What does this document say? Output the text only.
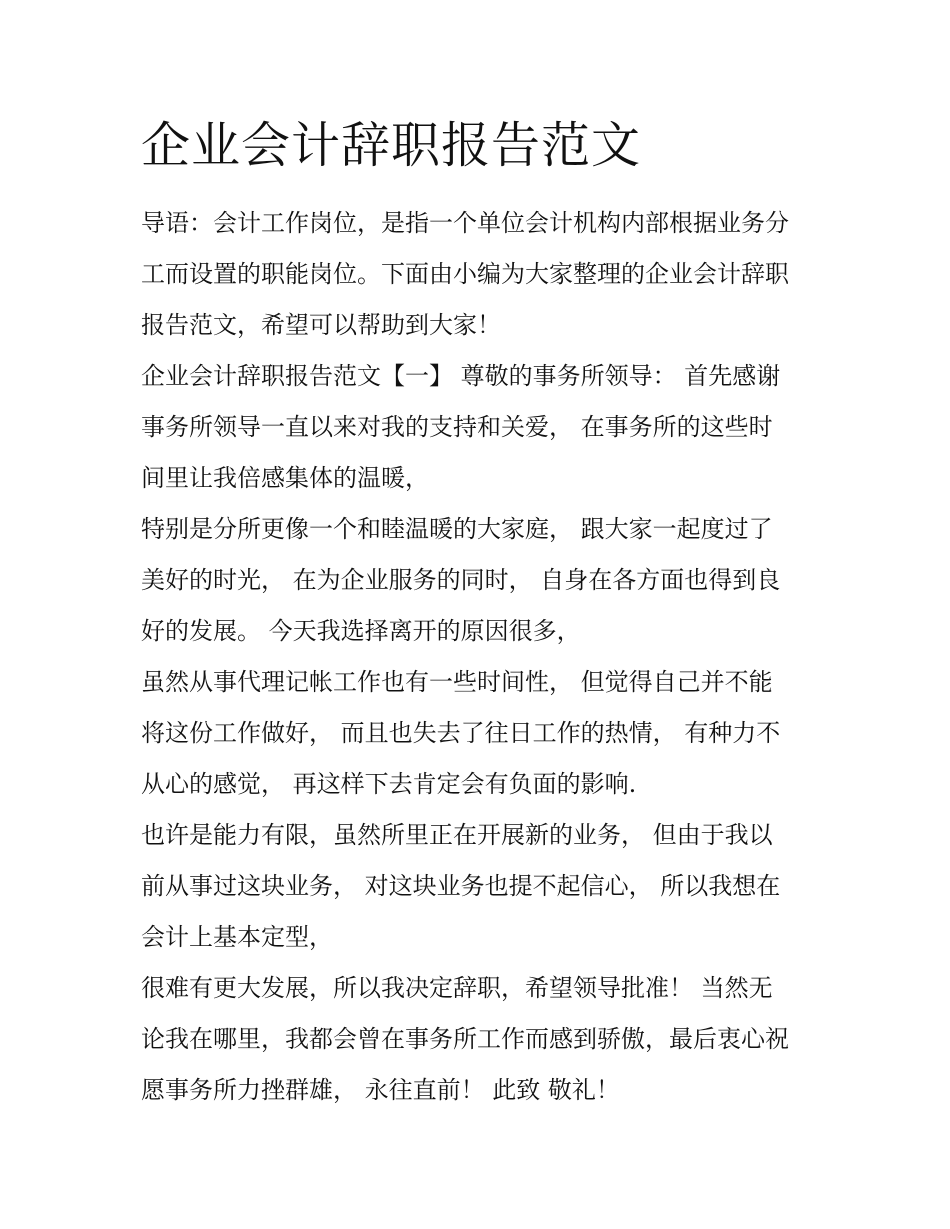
企业会计辞职报告范文
导语：会计工作岗位，是指一个单位会计机构内部根据业务分
工而设置的职能岗位。下面由小编为大家整理的企业会计辞职
报告范文，希望可以帮助到大家！
企业会计辞职报告范文【一】 尊敬的事务所领导： 首先感谢
事务所领导一直以来对我的支持和关爱， 在事务所的这些时
间里让我倍感集体的温暖，
特别是分所更像一个和睦温暖的大家庭， 跟大家一起度过了
美好的时光， 在为企业服务的同时， 自身在各方面也得到良
好的发展。 今天我选择离开的原因很多，
虽然从事代理记帐工作也有一些时间性， 但觉得自己并不能
将这份工作做好， 而且也失去了往日工作的热情， 有种力不
从心的感觉， 再这样下去肯定会有负面的影响.
也许是能力有限，虽然所里正在开展新的业务， 但由于我以
前从事过这块业务， 对这块业务也提不起信心， 所以我想在
会计上基本定型，
很难有更大发展，所以我决定辞职，希望领导批准！ 当然无
论我在哪里，我都会曾在事务所工作而感到骄傲，最后衷心祝
愿事务所力挫群雄， 永往直前！ 此致 敬礼！
